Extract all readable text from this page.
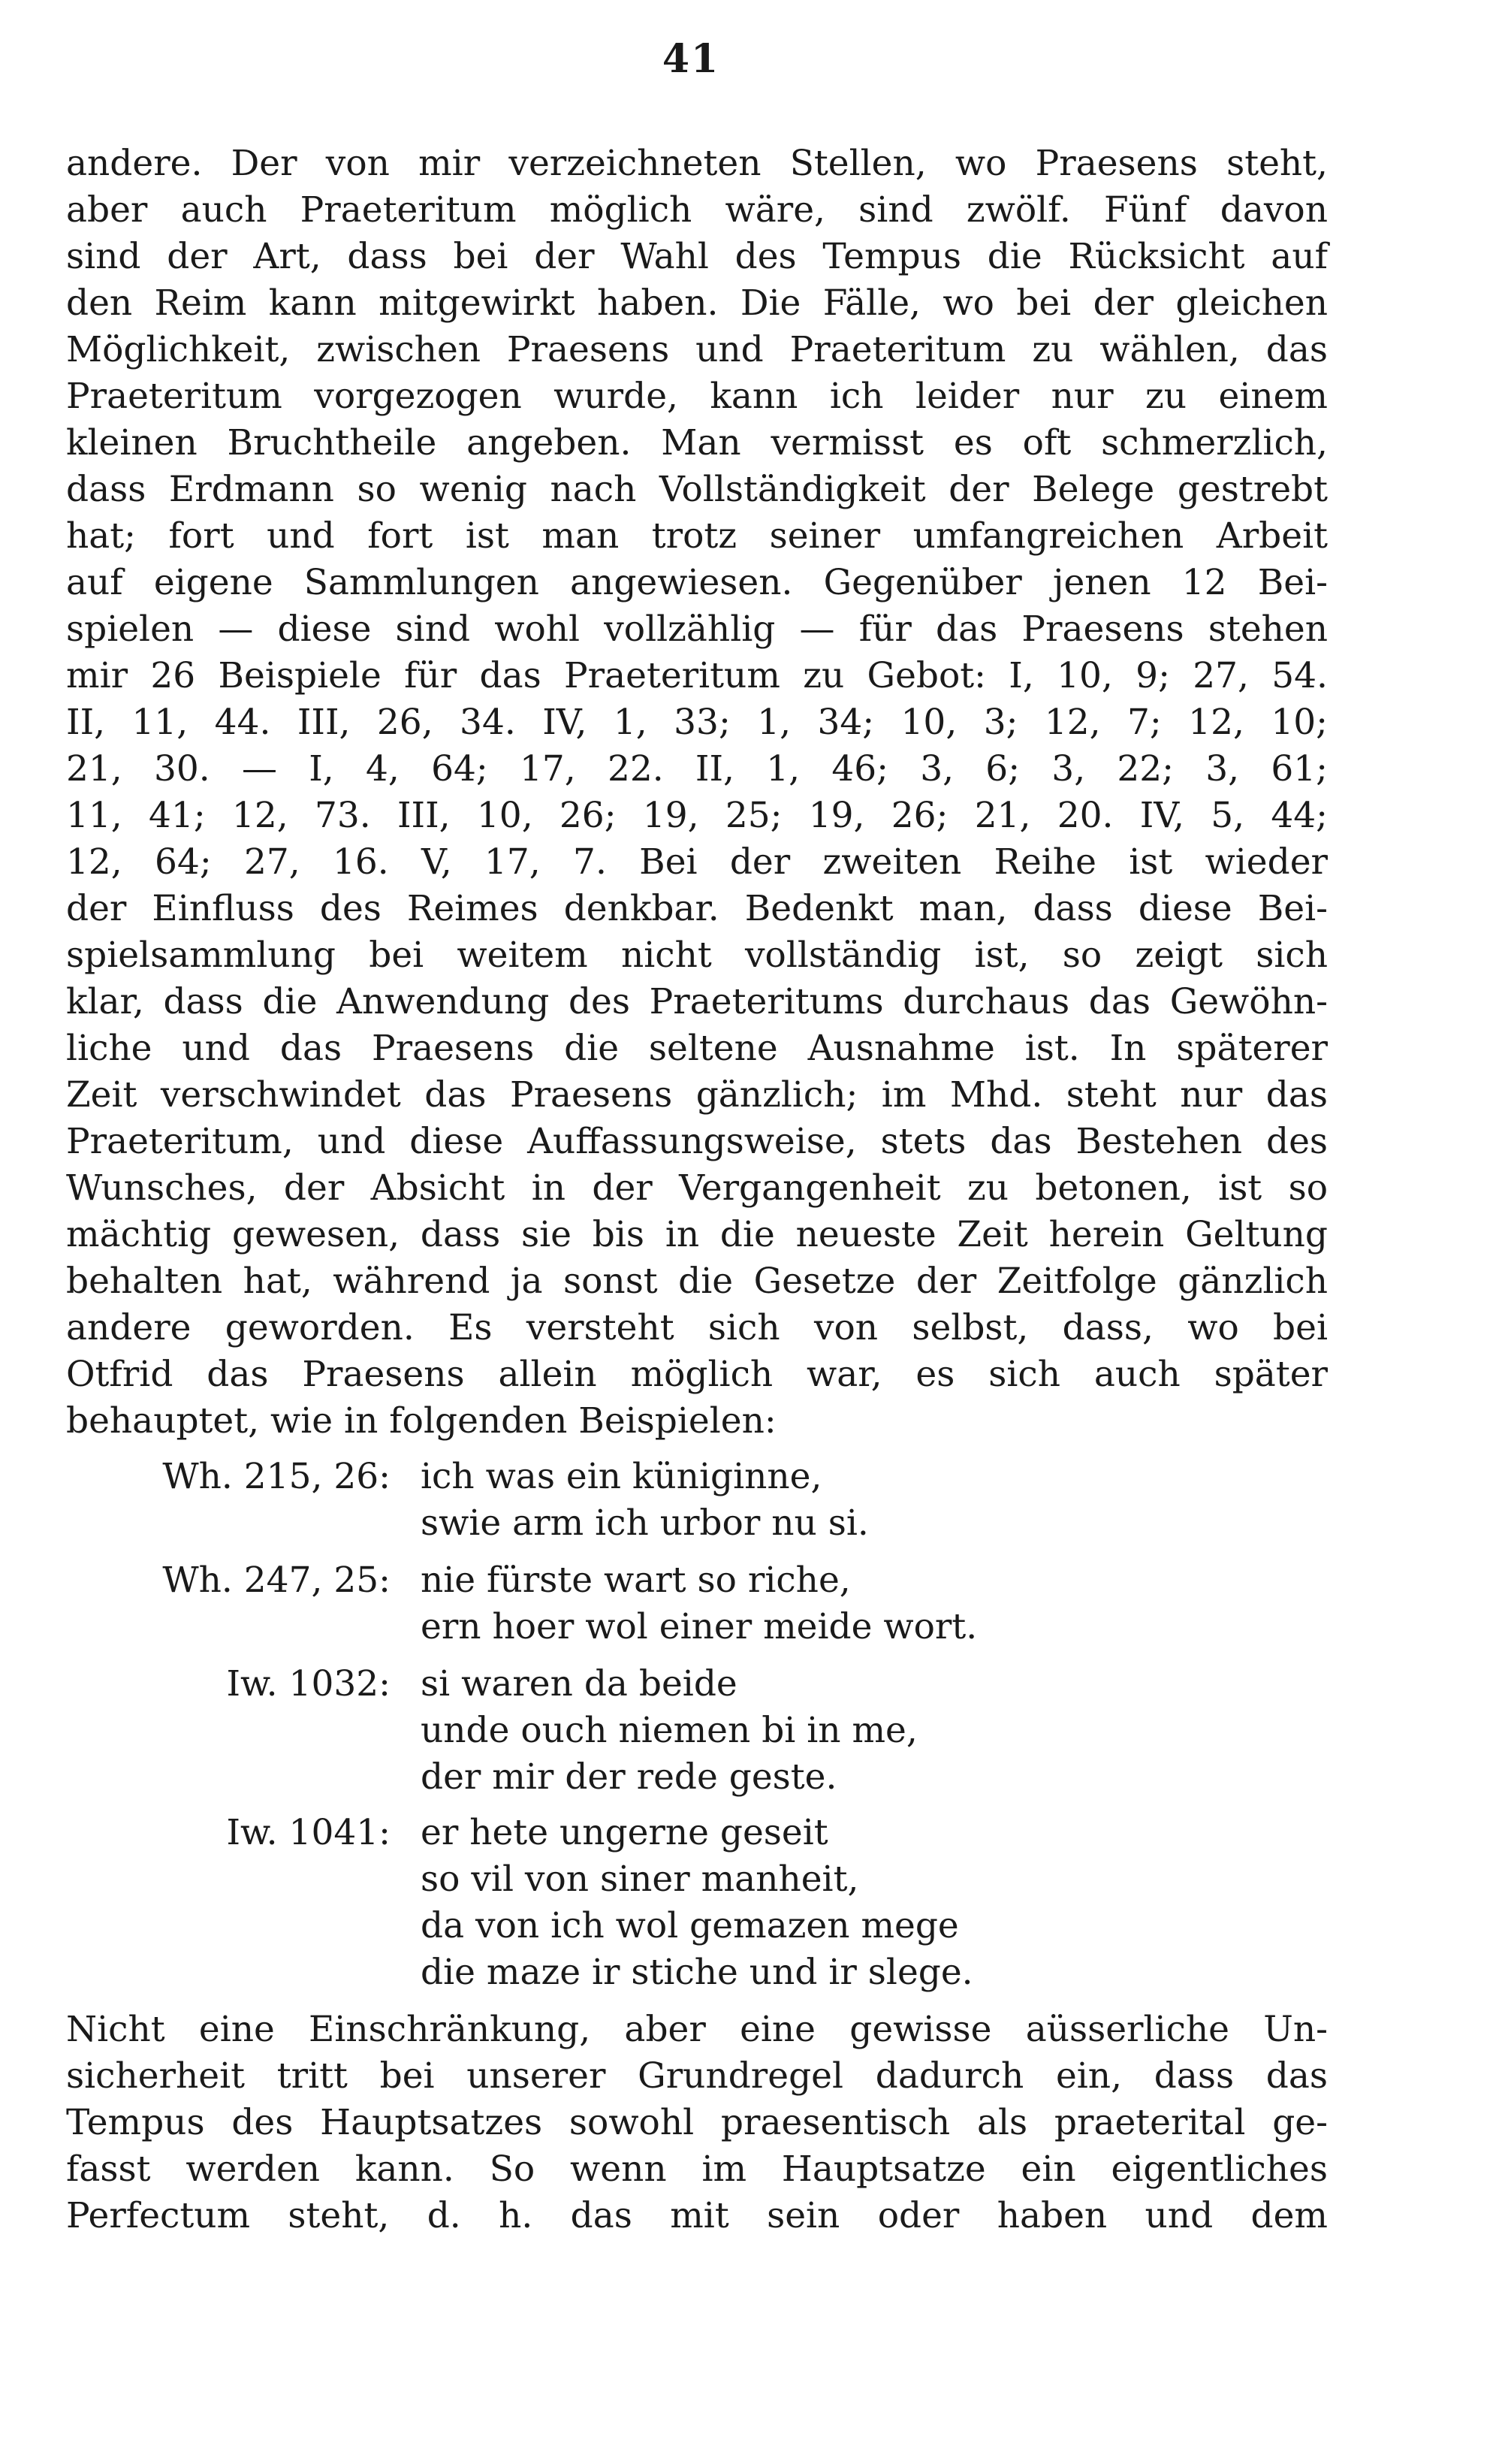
41
andere. Der von mir verzeichneten Stellen, wo Praesens steht,
aber auch Praeteritum möglich wäre, sind zwölf. Fünf davon
sind der Art, dass bei der Wahl des Tempus die Rücksicht auf
den Reim kann mitgewirkt haben. Die Fälle, wo bei der gleichen
Möglichkeit, zwischen Praesens und Praeteritum zu wählen, das
Praeteritum vorgezogen wurde, kann ich leider nur zu einem
kleinen Bruchtheile angeben. Man vermisst es oft schmerzlich,
dass Erdmann so wenig nach Vollständigkeit der Belege gestrebt
hat; fort und fort ist man trotz seiner umfangreichen Arbeit
auf eigene Sammlungen angewiesen. Gegenüber jenen 12 Bei-
spielen — diese sind wohl vollzählig — für das Praesens stehen
mir 26 Beispiele für das Praeteritum zu Gebot: I, 10, 9; 27, 54.
II, 11, 44. III, 26, 34. IV, 1, 33; 1, 34; 10, 3; 12, 7; 12, 10;
21, 30. — I, 4, 64; 17, 22. II, 1, 46; 3, 6; 3, 22; 3, 61;
11, 41; 12, 73. III, 10, 26; 19, 25; 19, 26; 21, 20. IV, 5, 44;
12, 64; 27, 16. V, 17, 7. Bei der zweiten Reihe ist wieder
der Einfluss des Reimes denkbar. Bedenkt man, dass diese Bei-
spielsammlung bei weitem nicht vollständig ist, so zeigt sich
klar, dass die Anwendung des Praeteritums durchaus das Gewöhn-
liche und das Praesens die seltene Ausnahme ist. In späterer
Zeit verschwindet das Praesens gänzlich; im Mhd. steht nur das
Praeteritum, und diese Auffassungsweise, stets das Bestehen des
Wunsches, der Absicht in der Vergangenheit zu betonen, ist so
mächtig gewesen, dass sie bis in die neueste Zeit herein Geltung
behalten hat, während ja sonst die Gesetze der Zeitfolge gänzlich
andere geworden. Es versteht sich von selbst, dass, wo bei
Otfrid das Praesens allein möglich war, es sich auch später
behauptet, wie in folgenden Beispielen:
Wh. 215, 26: ich was ein küniginne,
swie arm ich urbor nu si.
Wh. 247, 25: nie fürste wart so riche,
ern hoer wol einer meide wort.
Iw. 1032: si waren da beide
unde ouch niemen bi in me,
der mir der rede geste.
Iw. 1041: er hete ungerne geseit
so vil von siner manheit,
da von ich wol gemazen mege
die maze ir stiche und ir slege.
Nicht eine Einschränkung, aber eine gewisse aüsserliche Un-
sicherheit tritt bei unserer Grundregel dadurch ein, dass das
Tempus des Hauptsatzes sowohl praesentisch als praeterital ge-
fasst werden kann. So wenn im Hauptsatze ein eigentliches
Perfectum steht, d. h. das mit sein oder haben und dem
